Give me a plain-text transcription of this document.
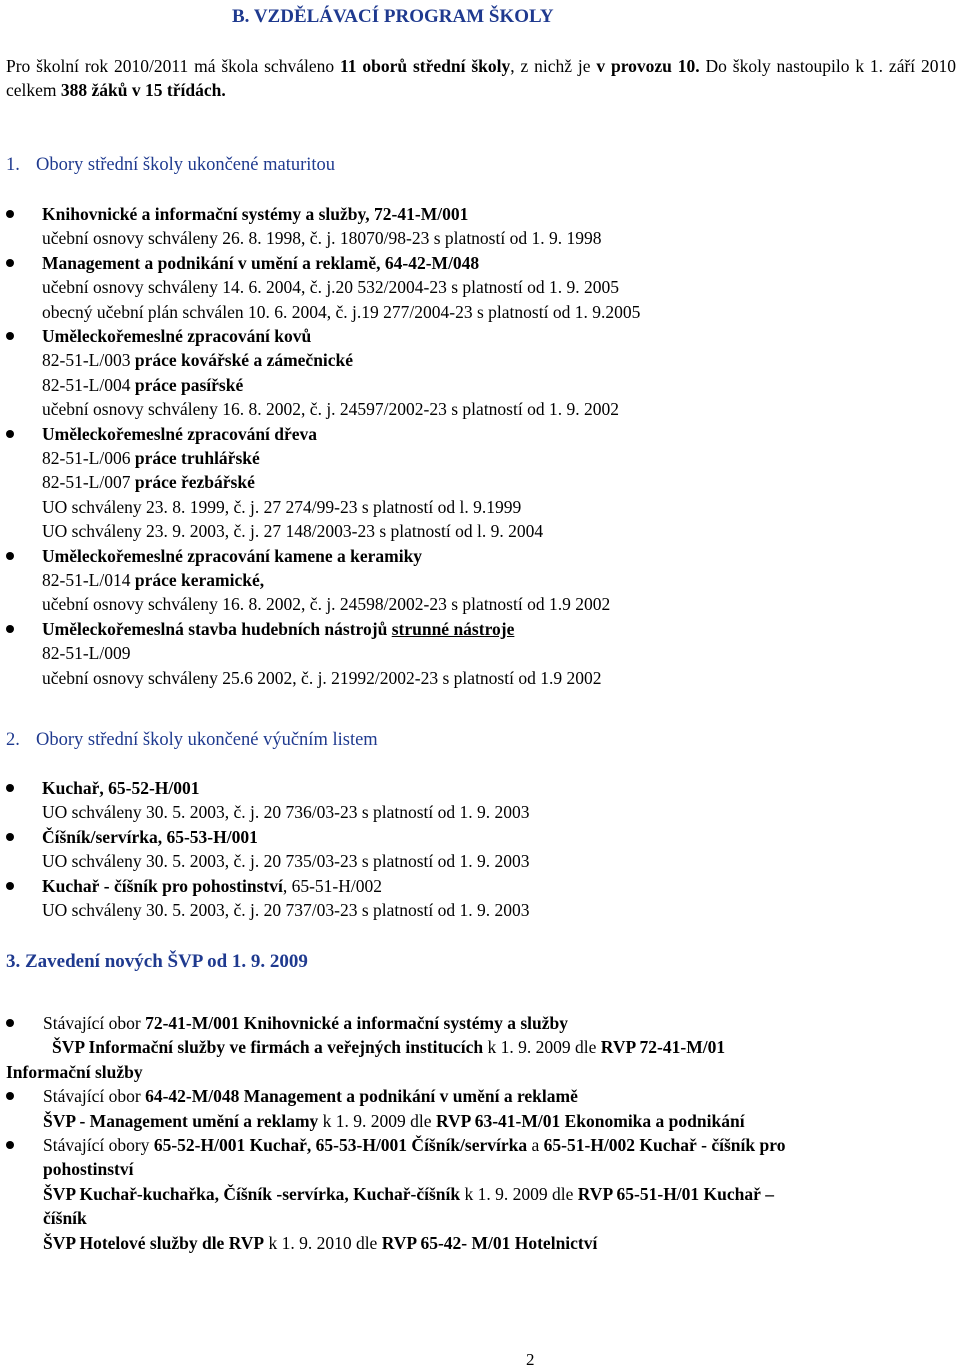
B. VZDĚLÁVACÍ PROGRAM ŠKOLY
Pro školní rok 2010/2011 má škola schváleno 11 oborů střední školy, z nichž je v provozu 10. Do školy nastoupilo k 1. září 2010 celkem 388 žáků v 15 třídách.
1. Obory střední školy ukončené maturitou
Knihovnické a informační systémy a služby, 72-41-M/001
učební osnovy schváleny 26. 8. 1998, č. j. 18070/98-23 s platností od 1. 9. 1998
Management a podnikání v umění a reklamě, 64-42-M/048
učební osnovy schváleny 14. 6. 2004, č. j.20 532/2004-23 s platností od 1. 9. 2005
obecný učební plán schválen 10. 6. 2004, č. j.19 277/2004-23 s platností od 1. 9.2005
Uměleckořemeslné zpracování kovů
82-51-L/003 práce kovářské a zámečnické
82-51-L/004 práce pasířské
učební osnovy schváleny 16. 8. 2002, č. j. 24597/2002-23 s platností od 1. 9. 2002
Uměleckořemeslné zpracování dřeva
82-51-L/006 práce truhlářské
82-51-L/007 práce řezbářské
UO schváleny 23. 8. 1999, č. j. 27 274/99-23 s platností od l. 9.1999
UO schváleny 23. 9. 2003, č. j. 27 148/2003-23 s platností od l. 9. 2004
Uměleckořemeslné zpracování kamene a keramiky
82-51-L/014 práce keramické,
učební osnovy schváleny 16. 8. 2002, č. j. 24598/2002-23 s platností od 1.9 2002
Uměleckořemeslná stavba hudebních nástrojů strunné nástroje
82-51-L/009
učební osnovy schváleny 25.6 2002, č. j. 21992/2002-23 s platností od 1.9 2002
2. Obory střední školy ukončené výučním listem
Kuchař, 65-52-H/001
UO schváleny 30. 5. 2003, č. j. 20 736/03-23 s platností od 1. 9. 2003
Číšník/servírka, 65-53-H/001
UO schváleny 30. 5. 2003, č. j. 20 735/03-23 s platností od 1. 9. 2003
Kuchař - číšník pro pohostinství, 65-51-H/002
UO schváleny 30. 5. 2003, č. j. 20 737/03-23 s platností od 1. 9. 2003
3. Zavedení nových ŠVP od 1. 9. 2009
Stávající obor 72-41-M/001 Knihovnické a informační systémy a služby
ŠVP Informační služby ve firmách a veřejných institucích k 1. 9. 2009 dle RVP 72-41-M/01
Informační služby
Stávající obor 64-42-M/048 Management a podnikání v umění a reklamě
ŠVP - Management umění a reklamy k 1. 9. 2009 dle RVP 63-41-M/01 Ekonomika a podnikání
Stávající obory 65-52-H/001 Kuchař, 65-53-H/001 Číšník/servírka a 65-51-H/002 Kuchař - číšník pro
pohostinství
ŠVP Kuchař-kuchařka, Číšník -servírka, Kuchař-číšník k 1. 9. 2009 dle RVP 65-51-H/01 Kuchař –
číšník
ŠVP Hotelové služby dle RVP k 1. 9. 2010 dle RVP 65-42- M/01 Hotelnictví
2
